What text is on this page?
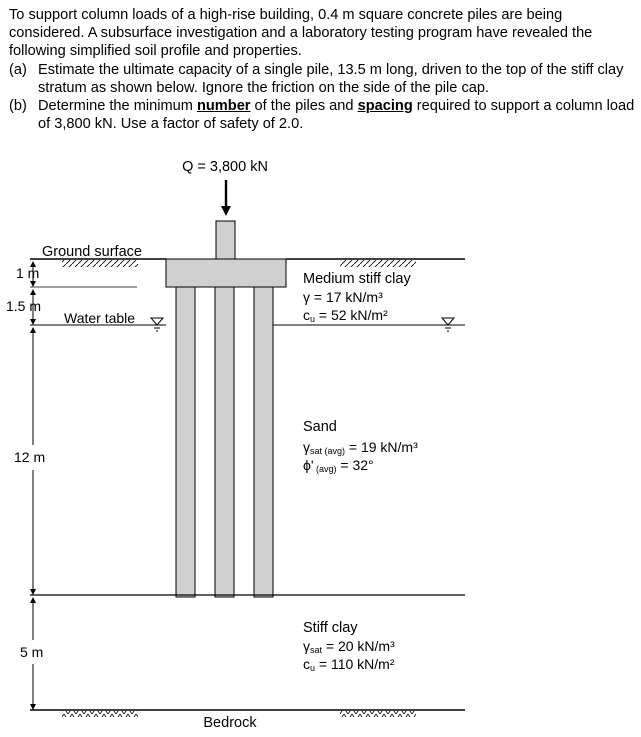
To support column loads of a high-rise building, 0.4 m square concrete piles are being considered. A subsurface investigation and a laboratory testing program have revealed the following simplified soil profile and properties.

(a) Estimate the ultimate capacity of a single pile, 13.5 m long, driven to the top of the stiff clay stratum as shown below. Ignore the friction on the side of the pile cap.
(b) Determine the minimum number of the piles and spacing required to support a column load of 3,800 kN. Use a factor of safety of 2.0.
Q = 3,800 kN
Ground surface
Water table
Bedrock
1 m
1.5 m
12 m
5 m
Medium stiff clay
γ = 17 kN/m³
cu = 52 kN/m²
Sand
γsat (avg) = 19 kN/m³
ϕ' (avg) = 32°
Stiff clay
γsat = 20 kN/m³
cu = 110 kN/m²
